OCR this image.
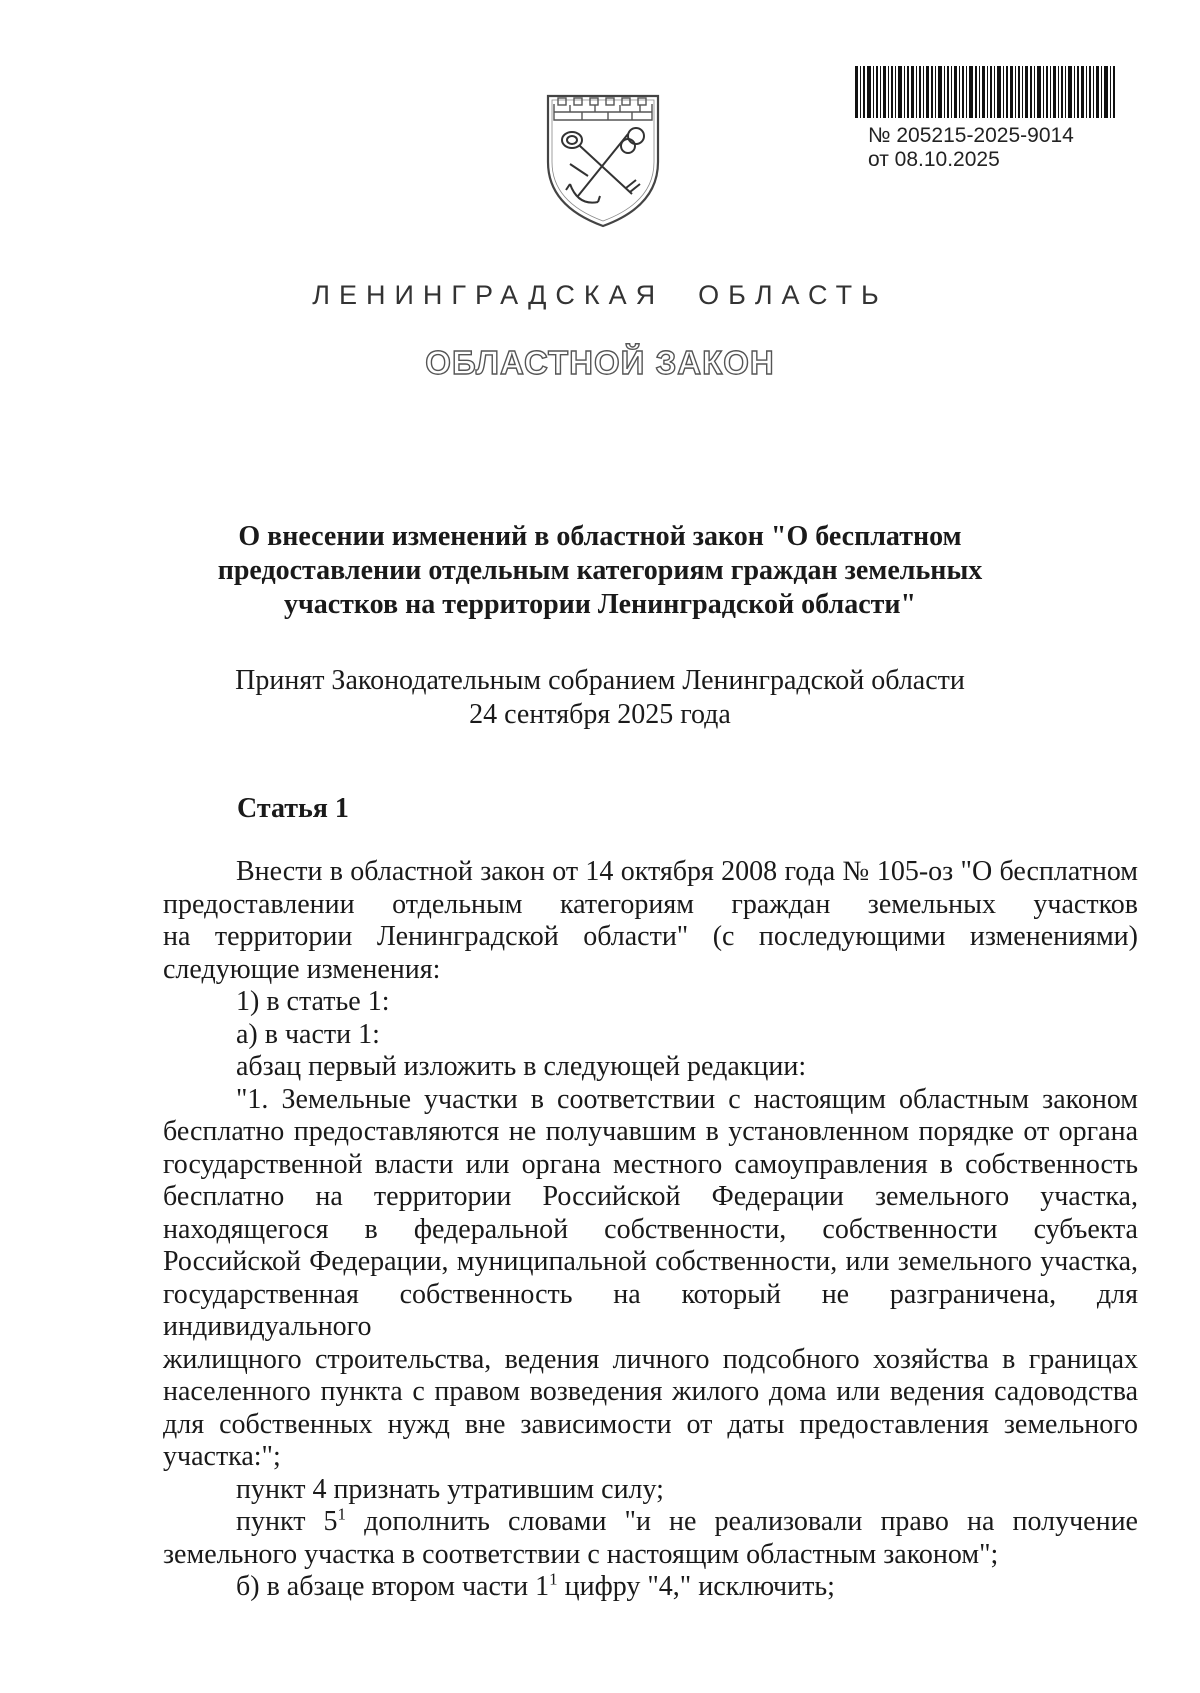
№ 205215-2025-9014
от 08.10.2025
ЛЕНИНГРАДСКАЯ ОБЛАСТЬ
ОБЛАСТНОЙ ЗАКОН
О внесении изменений в областной закон "О бесплатном
предоставлении отдельным категориям граждан земельных
участков на территории Ленинградской области"
Принят Законодательным собранием Ленинградской области
24 сентября 2025 года
Статья 1

Внести в областной закон от 14 октября 2008 года № 105-оз "О бесплатном

предоставлении отдельным категориям граждан земельных участков

на территории Ленинградской области" (с последующими изменениями)

следующие изменения:

1) в статье 1:

а) в части 1:

абзац первый изложить в следующей редакции:

"1. Земельные участки в соответствии с настоящим областным законом

бесплатно предоставляются не получавшим в установленном порядке от органа

государственной власти или органа местного самоуправления в собственность

бесплатно на территории Российской Федерации земельного участка,

находящегося в федеральной собственности, собственности субъекта

Российской Федерации, муниципальной собственности, или земельного участка,

государственная собственность на который не разграничена, для индивидуального

жилищного строительства, ведения личного подсобного хозяйства в границах

населенного пункта с правом возведения жилого дома или ведения садоводства

для собственных нужд вне зависимости от даты предоставления земельного

участка:";

пункт 4 признать утратившим силу;

пункт $5^1$ дополнить словами "и не реализовали право на получение

земельного участка в соответствии с настоящим областным законом";

б) в абзаце втором части $1^1$ цифру "4," исключить;
